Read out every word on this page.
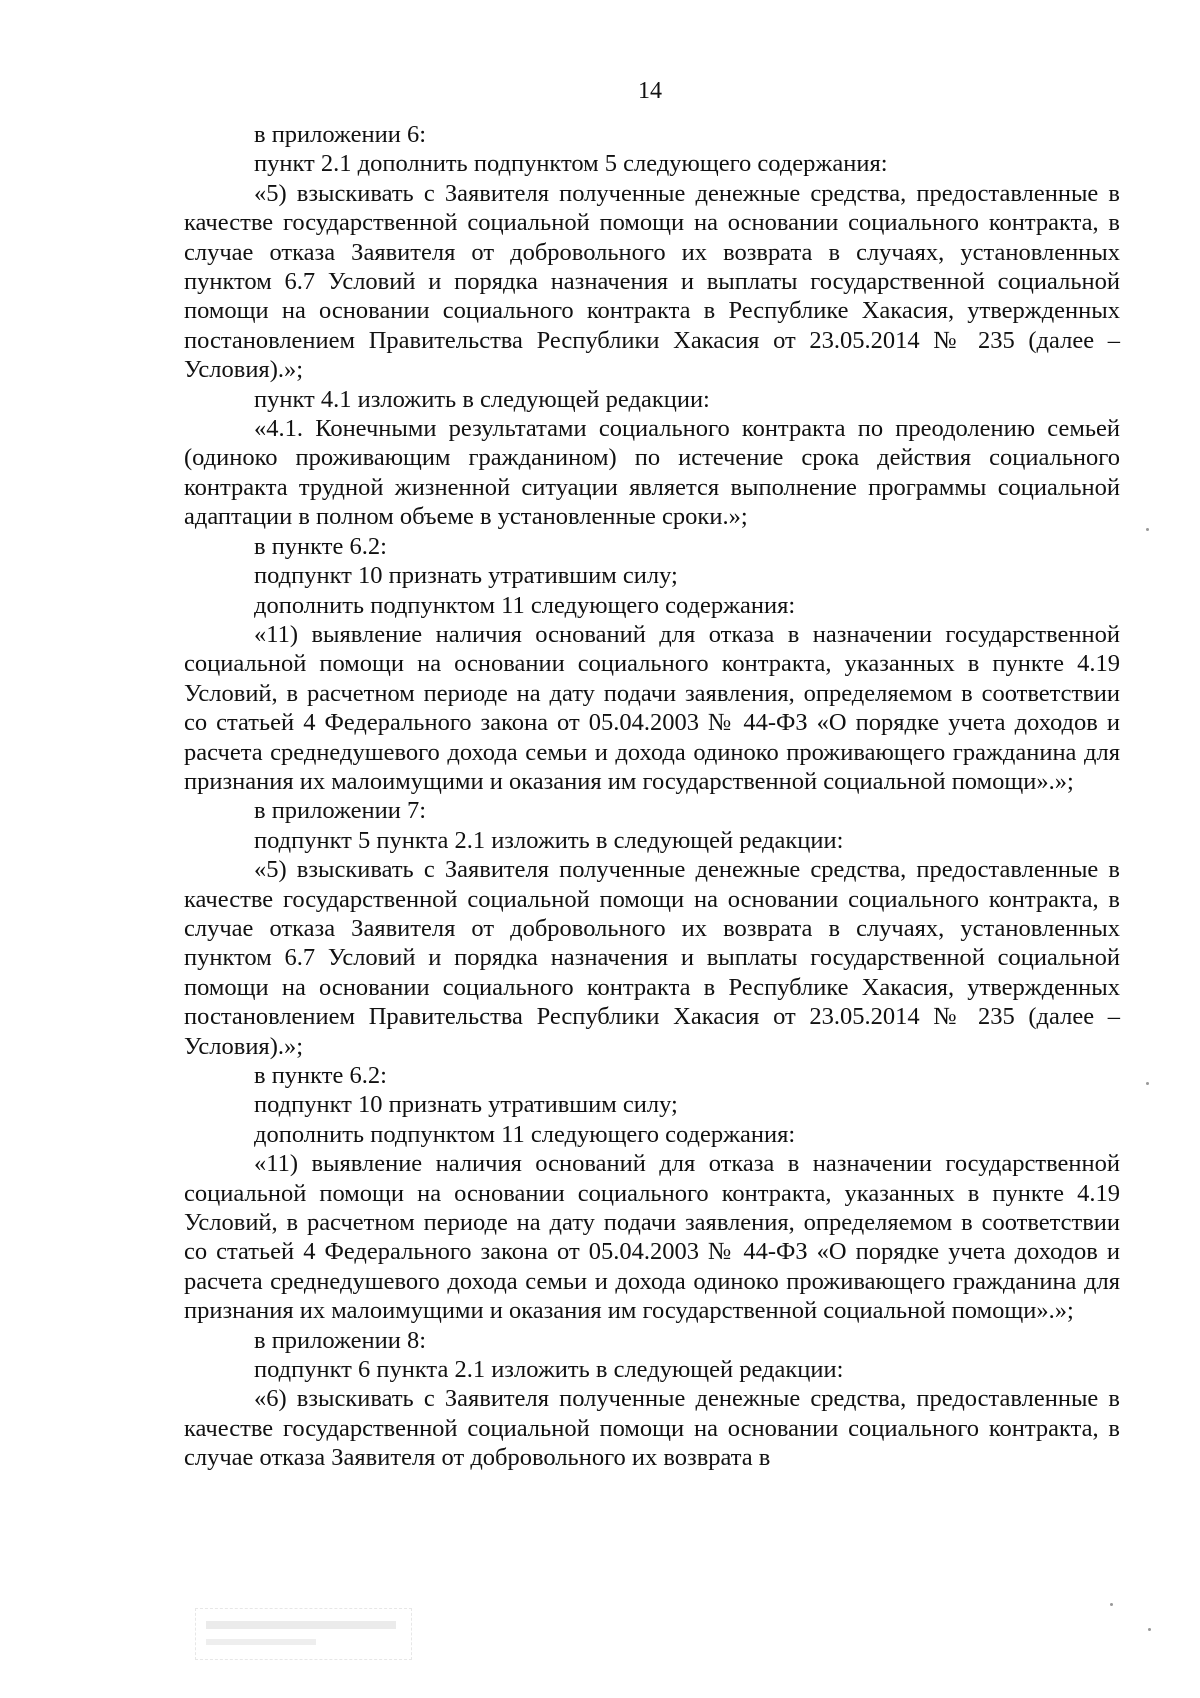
14

в приложении 6:

пункт 2.1 дополнить подпунктом 5 следующего содержания:

«5) взыскивать с Заявителя полученные денежные средства, предоставленные в качестве государственной социальной помощи на основании социального контракта, в случае отказа Заявителя от добровольного их возврата в случаях, установленных пунктом 6.7 Условий и порядка назначения и выплаты государственной социальной помощи на основании социального контракта в Республике Хакасия, утвержденных постановлением Правительства Республики Хакасия от 23.05.2014 № 235 (далее – Условия).»;

пункт 4.1 изложить в следующей редакции:

«4.1. Конечными результатами социального контракта по преодолению семьей (одиноко проживающим гражданином) по истечение срока действия социального контракта трудной жизненной ситуации является выполнение программы социальной адаптации в полном объеме в установленные сроки.»;

в пункте 6.2:

подпункт 10 признать утратившим силу;

дополнить подпунктом 11 следующего содержания:

«11) выявление наличия оснований для отказа в назначении государственной социальной помощи на основании социального контракта, указанных в пункте 4.19 Условий, в расчетном периоде на дату подачи заявления, определяемом в соответствии со статьей 4 Федерального закона от 05.04.2003 № 44-ФЗ «О порядке учета доходов и расчета среднедушевого дохода семьи и дохода одиноко проживающего гражданина для признания их малоимущими и оказания им государственной социальной помощи».»;

в приложении 7:

подпункт 5 пункта 2.1 изложить в следующей редакции:

«5) взыскивать с Заявителя полученные денежные средства, предоставленные в качестве государственной социальной помощи на основании социального контракта, в случае отказа Заявителя от добровольного их возврата в случаях, установленных пунктом 6.7 Условий и порядка назначения и выплаты государственной социальной помощи на основании социального контракта в Республике Хакасия, утвержденных постановлением Правительства Республики Хакасия от 23.05.2014 № 235 (далее – Условия).»;

в пункте 6.2:

подпункт 10 признать утратившим силу;

дополнить подпунктом 11 следующего содержания:

«11) выявление наличия оснований для отказа в назначении государственной социальной помощи на основании социального контракта, указанных в пункте 4.19 Условий, в расчетном периоде на дату подачи заявления, определяемом в соответствии со статьей 4 Федерального закона от 05.04.2003 № 44-ФЗ «О порядке учета доходов и расчета среднедушевого дохода семьи и дохода одиноко проживающего гражданина для признания их малоимущими и оказания им государственной социальной помощи».»;

в приложении 8:

подпункт 6 пункта 2.1 изложить в следующей редакции:

«6) взыскивать с Заявителя полученные денежные средства, предоставленные в качестве государственной социальной помощи на основании социального контракта, в случае отказа Заявителя от добровольного их возврата в
